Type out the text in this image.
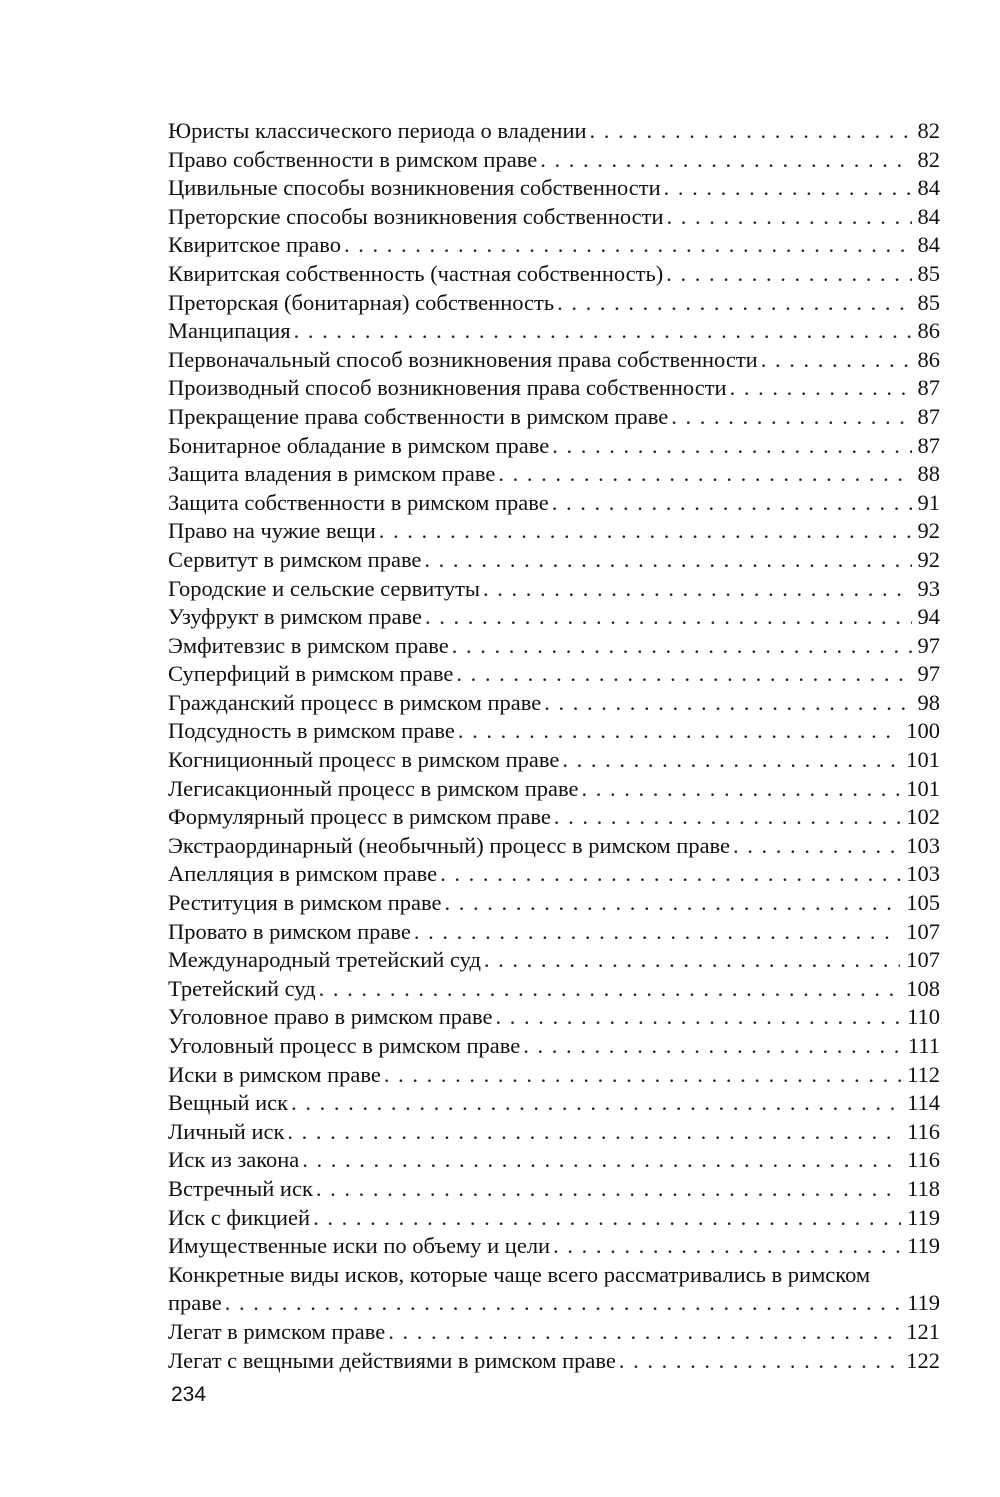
Юристы классического периода о владении . . .	82
Право собственности в римском праве . . .	82
Цивильные способы возникновения собственности . . .	84
Преторские способы возникновения собственности . . .	84
Квиритское право . . .	84
Квиритская собственность (частная собственность) . . .	85
Преторская (бонитарная) собственность . . .	85
Манципация . . .	86
Первоначальный способ возникновения права собственности . . .	86
Производный способ возникновения права собственности . . .	87
Прекращение права собственности в римском праве . . .	87
Бонитарное обладание в римском праве . . .	87
Защита владения в римском праве . . .	88
Защита собственности в римском праве . . .	91
Право на чужие вещи . . .	92
Сервитут в римском праве . . .	92
Городские и сельские сервитуты . . .	93
Узуфрукт в римском праве . . .	94
Эмфитевзис в римском праве . . .	97
Суперфиций в римском праве . . .	97
Гражданский процесс в римском праве . . .	98
Подсудность в римском праве . . .	100
Когниционный процесс в римском праве . . .	101
Легисакционный процесс в римском праве . . .	101
Формулярный процесс в римском праве . . .	102
Экстраординарный (необычный) процесс в римском праве . . .	103
Апелляция в римском праве . . .	103
Реституция в римском праве . . .	105
Провато в римском праве . . .	107
Международный третейский суд . . .	107
Третейский суд . . .	108
Уголовное право в римском праве . . .	110
Уголовный процесс в римском праве . . .	111
Иски в римском праве . . .	112
Вещный иск . . .	114
Личный иск . . .	116
Иск из закона . . .	116
Встречный иск . . .	118
Иск с фикцией . . .	119
Имущественные иски по объему и цели . . .	119
Конкретные виды исков, которые чаще всего рассматривались в римском
праве . . .	119
Легат в римском праве . . .	121
Легат с вещными действиями в римском праве . . .	122
234
